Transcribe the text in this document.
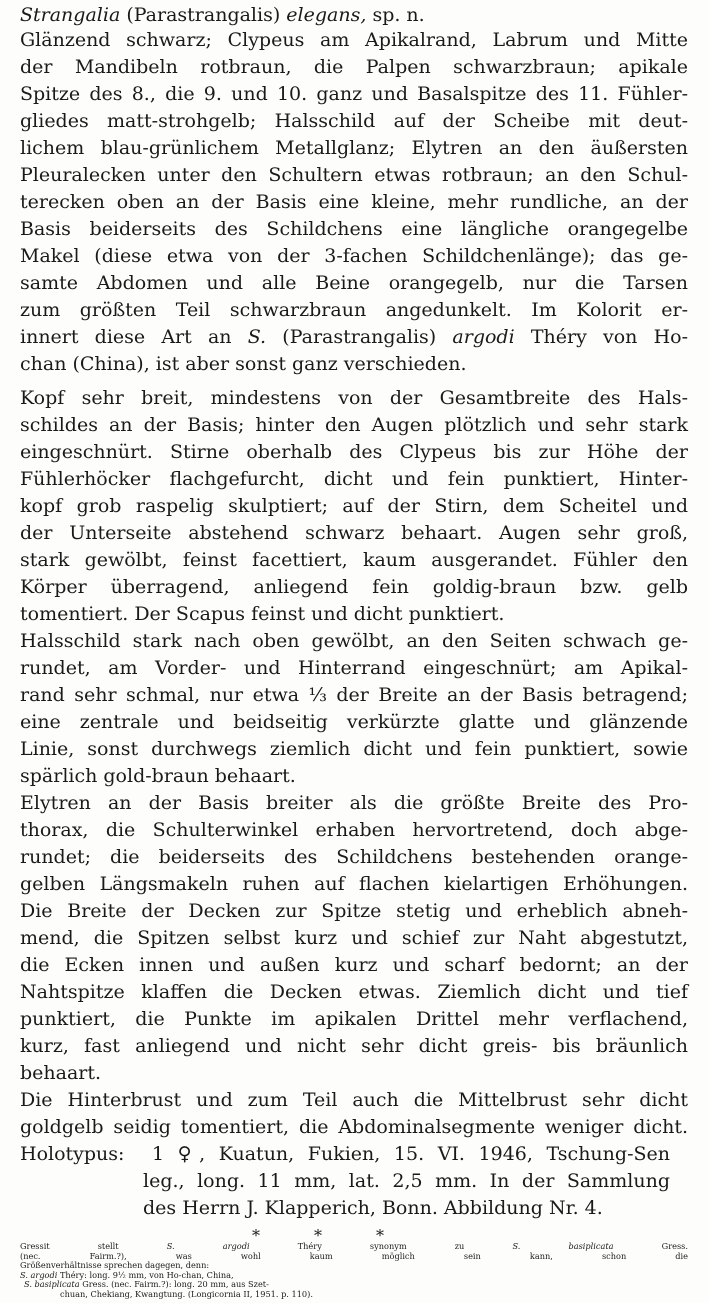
Strangalia (Parastrangalis) elegans, sp. n.
Glänzend schwarz; Clypeus am Apikalrand, Labrum und Mitte
der Mandibeln rotbraun, die Palpen schwarzbraun; apikale
Spitze des 8., die 9. und 10. ganz und Basalspitze des 11. Fühler-
gliedes matt-strohgelb; Halsschild auf der Scheibe mit deut-
lichem blau-grünlichem Metallglanz; Elytren an den äußersten
Pleuralecken unter den Schultern etwas rotbraun; an den Schul-
terecken oben an der Basis eine kleine, mehr rundliche, an der
Basis beiderseits des Schildchens eine längliche orangegelbe
Makel (diese etwa von der 3-fachen Schildchenlänge); das ge-
samte Abdomen und alle Beine orangegelb, nur die Tarsen
zum größten Teil schwarzbraun angedunkelt. Im Kolorit er-
innert diese Art an S. (Parastrangalis) argodi Théry von Ho-
chan (China), ist aber sonst ganz verschieden.
Kopf sehr breit, mindestens von der Gesamtbreite des Hals-
schildes an der Basis; hinter den Augen plötzlich und sehr stark
eingeschnürt. Stirne oberhalb des Clypeus bis zur Höhe der
Fühlerhöcker flachgefurcht, dicht und fein punktiert, Hinter-
kopf grob raspelig skulptiert; auf der Stirn, dem Scheitel und
der Unterseite abstehend schwarz behaart. Augen sehr groß,
stark gewölbt, feinst facettiert, kaum ausgerandet. Fühler den
Körper überragend, anliegend fein goldig-braun bzw. gelb
tomentiert. Der Scapus feinst und dicht punktiert.
Halsschild stark nach oben gewölbt, an den Seiten schwach ge-
rundet, am Vorder- und Hinterrand eingeschnürt; am Apikal-
rand sehr schmal, nur etwa ⅓ der Breite an der Basis betragend;
eine zentrale und beidseitig verkürzte glatte und glänzende
Linie, sonst durchwegs ziemlich dicht und fein punktiert, sowie
spärlich gold-braun behaart.
Elytren an der Basis breiter als die größte Breite des Pro-
thorax, die Schulterwinkel erhaben hervortretend, doch abge-
rundet; die beiderseits des Schildchens bestehenden orange-
gelben Längsmakeln ruhen auf flachen kielartigen Erhöhungen.
Die Breite der Decken zur Spitze stetig und erheblich abneh-
mend, die Spitzen selbst kurz und schief zur Naht abgestutzt,
die Ecken innen und außen kurz und scharf bedornt; an der
Nahtspitze klaffen die Decken etwas. Ziemlich dicht und tief
punktiert, die Punkte im apikalen Drittel mehr verflachend,
kurz, fast anliegend und nicht sehr dicht greis- bis bräunlich
behaart.
Die Hinterbrust und zum Teil auch die Mittelbrust sehr dicht
goldgelb seidig tomentiert, die Abdominalsegmente weniger dicht.
Holotypus:	1 ♀, Kuatun, Fukien, 15. VI. 1946, Tschung-Sen
leg., long. 11 mm, lat. 2,5 mm. In der Sammlung
des Herrn J. Klapperich, Bonn. Abbildung Nr. 4.
*	*	*
Gressit stellt	S. argodi	Théry synonym zu	S. basiplicata	Gress.
(nec. Fairm.?), was wohl kaum möglich sein kann, schon die
Größenverhältnisse sprechen dagegen, denn:
S. argodi Théry: long. 9½ mm, von Ho-chan, China,
S. basiplicata Gress. (nec. Fairm.?): long. 20 mm, aus Szet-
chuan, Chekiang, Kwangtung. (Longicornia II, 1951. p. 110).
